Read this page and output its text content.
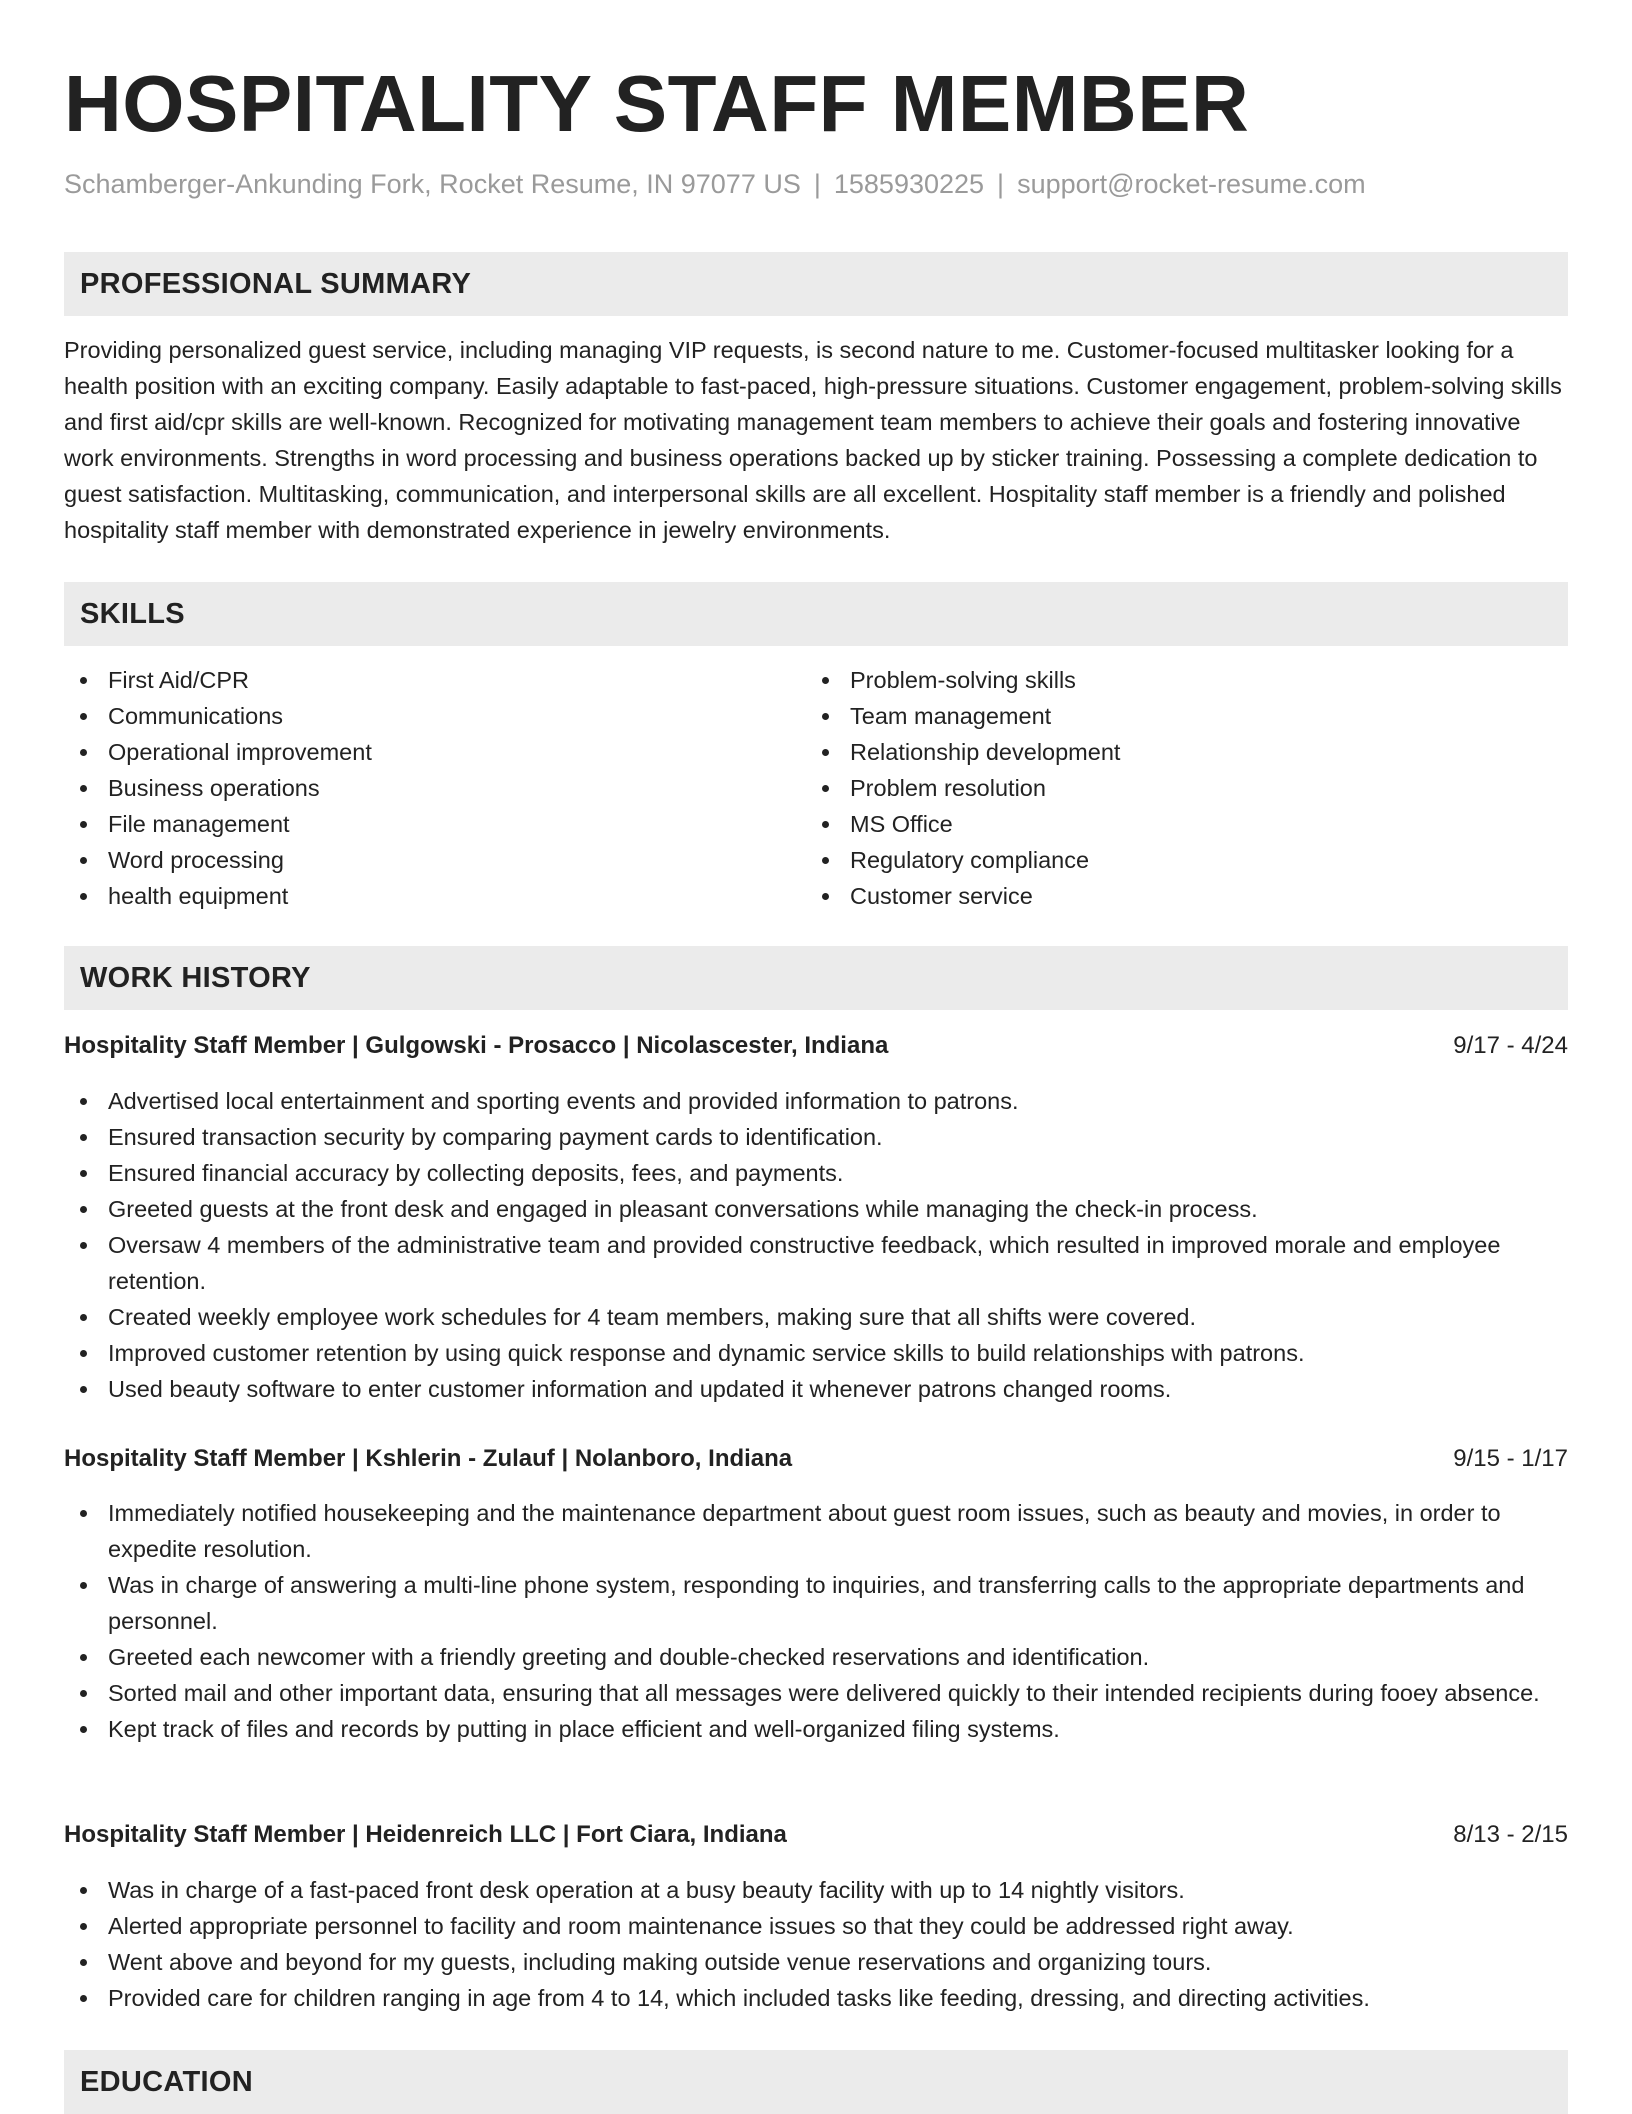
HOSPITALITY STAFF MEMBER
Schamberger-Ankunding Fork, Rocket Resume, IN 97077 US | 1585930225 | support@rocket-resume.com
PROFESSIONAL SUMMARY

Providing personalized guest service, including managing VIP requests, is second nature to me. Customer-focused multitasker looking for a health position with an exciting company. Easily adaptable to fast-paced, high-pressure situations. Customer engagement, problem-solving skills and first aid/cpr skills are well-known. Recognized for motivating management team members to achieve their goals and fostering innovative work environments. Strengths in word processing and business operations backed up by sticker training. Possessing a complete dedication to guest satisfaction. Multitasking, communication, and interpersonal skills are all excellent. Hospitality staff member is a friendly and polished hospitality staff member with demonstrated experience in jewelry environments.

SKILLS
First Aid/CPR
Communications
Operational improvement
Business operations
File management
Word processing
health equipment
Problem-solving skills
Team management
Relationship development
Problem resolution
MS Office
Regulatory compliance
Customer service
WORK HISTORY
Hospitality Staff Member | Gulgowski - Prosacco | Nicolascester, Indiana	9/17 - 4/24
Advertised local entertainment and sporting events and provided information to patrons.
Ensured transaction security by comparing payment cards to identification.
Ensured financial accuracy by collecting deposits, fees, and payments.
Greeted guests at the front desk and engaged in pleasant conversations while managing the check-in process.
Oversaw 4 members of the administrative team and provided constructive feedback, which resulted in improved morale and employee retention.
Created weekly employee work schedules for 4 team members, making sure that all shifts were covered.
Improved customer retention by using quick response and dynamic service skills to build relationships with patrons.
Used beauty software to enter customer information and updated it whenever patrons changed rooms.
Hospitality Staff Member | Kshlerin - Zulauf | Nolanboro, Indiana	9/15 - 1/17
Immediately notified housekeeping and the maintenance department about guest room issues, such as beauty and movies, in order to expedite resolution.
Was in charge of answering a multi-line phone system, responding to inquiries, and transferring calls to the appropriate departments and personnel.
Greeted each newcomer with a friendly greeting and double-checked reservations and identification.
Sorted mail and other important data, ensuring that all messages were delivered quickly to their intended recipients during fooey absence.
Kept track of files and records by putting in place efficient and well-organized filing systems.
Hospitality Staff Member | Heidenreich LLC | Fort Ciara, Indiana	8/13 - 2/15
Was in charge of a fast-paced front desk operation at a busy beauty facility with up to 14 nightly visitors.
Alerted appropriate personnel to facility and room maintenance issues so that they could be addressed right away.
Went above and beyond for my guests, including making outside venue reservations and organizing tours.
Provided care for children ranging in age from 4 to 14, which included tasks like feeding, dressing, and directing activities.
EDUCATION
